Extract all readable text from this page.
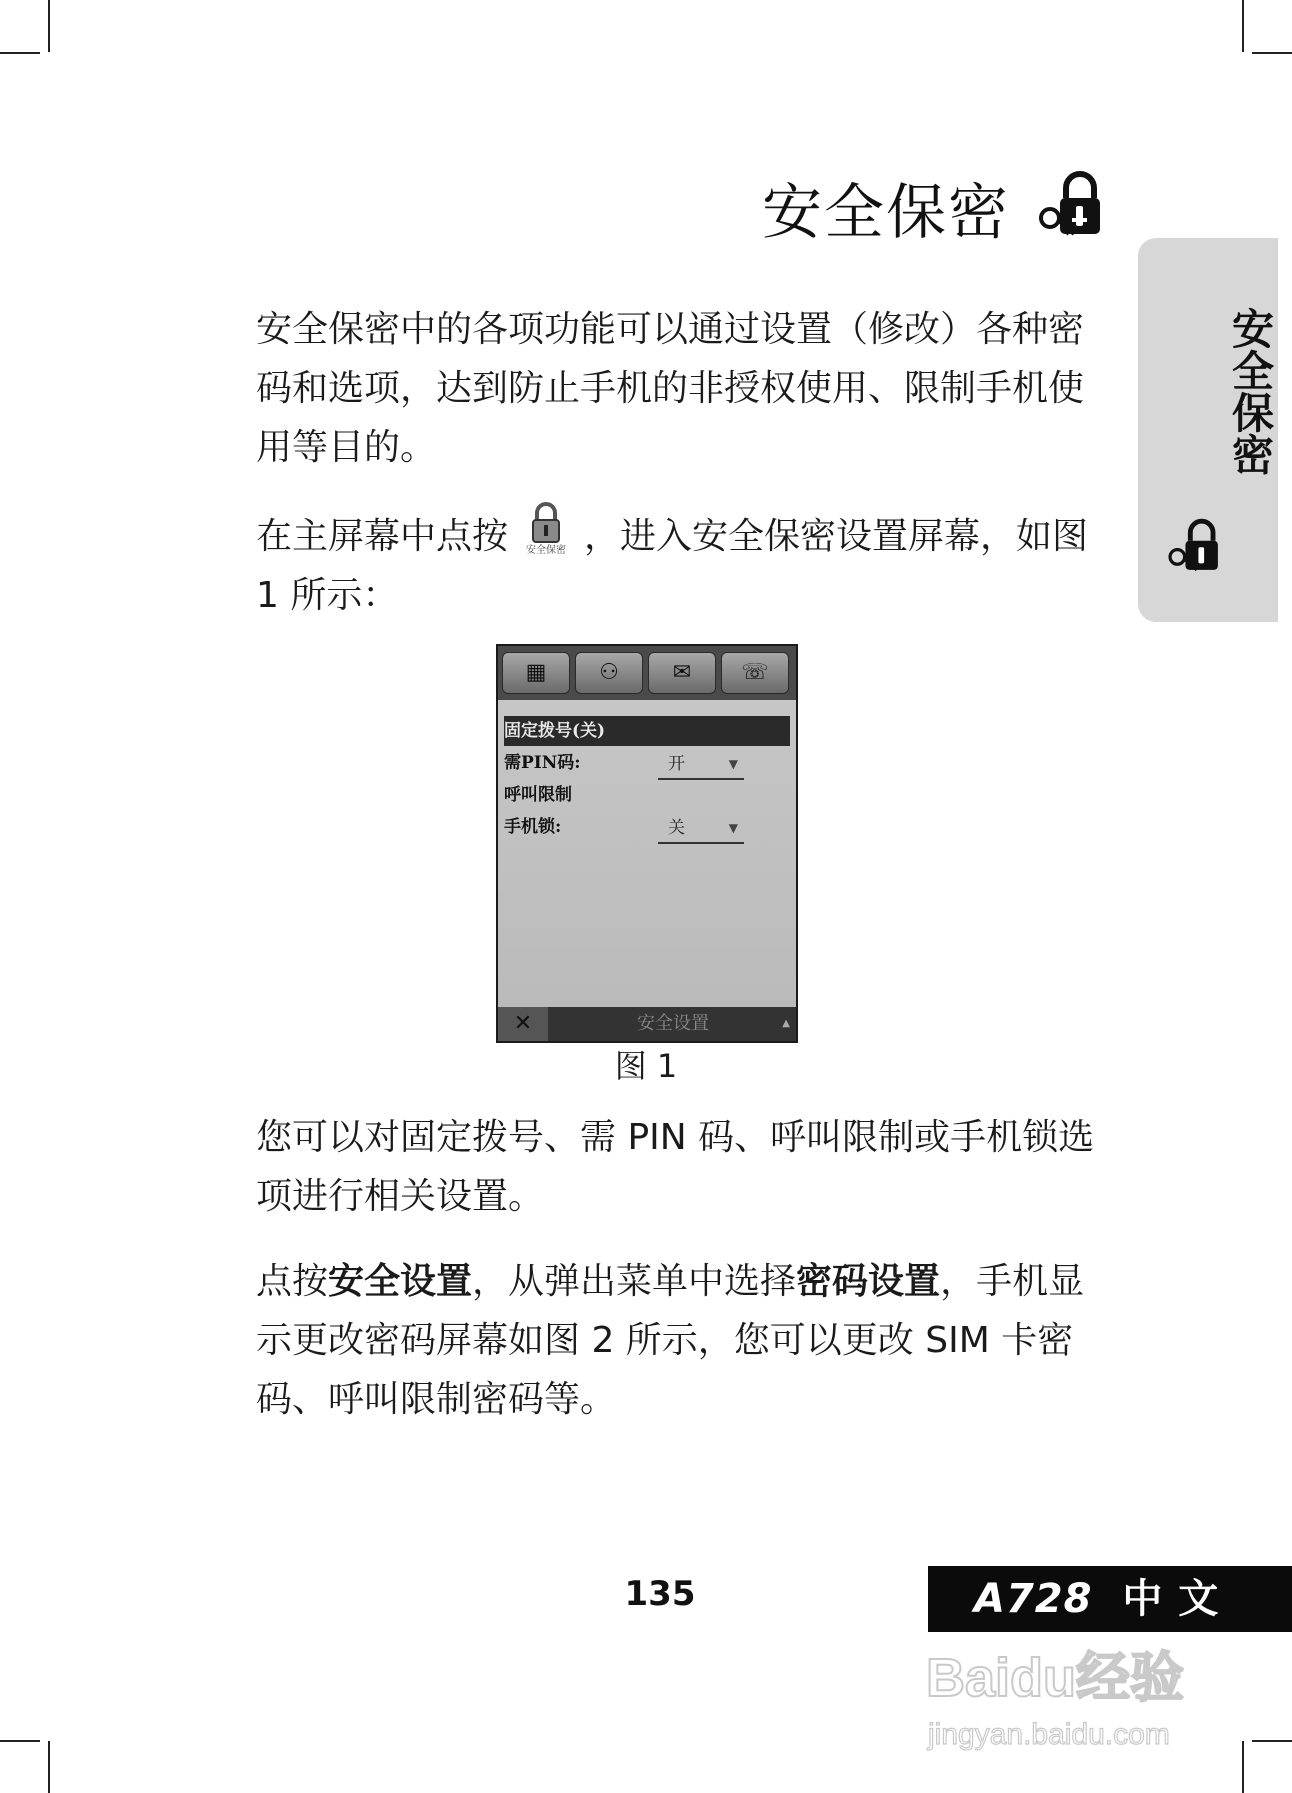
安全保密
安全保密

安全保密中的各项功能可以通过设置（修改）各种密码和选项，达到防止手机的非授权使用、限制手机使用等目的。

在主屏幕中点按	安全保密 ，进入安全保密设置屏幕，如图 1 所示：

▦	⚇	✉	☏
固定拨号(关)
需PIN码:	开	▼
呼叫限制
手机锁:	关	▼
✕	安全设置	▲
图 1

您可以对固定拨号、需 PIN 码、呼叫限制或手机锁选项进行相关设置。

点按安全设置，从弹出菜单中选择密码设置，手机显示更改密码屏幕如图 2 所示，您可以更改 SIM 卡密码、呼叫限制密码等。

135	A728 中 文
Baidu经验
jingyan.baidu.com
